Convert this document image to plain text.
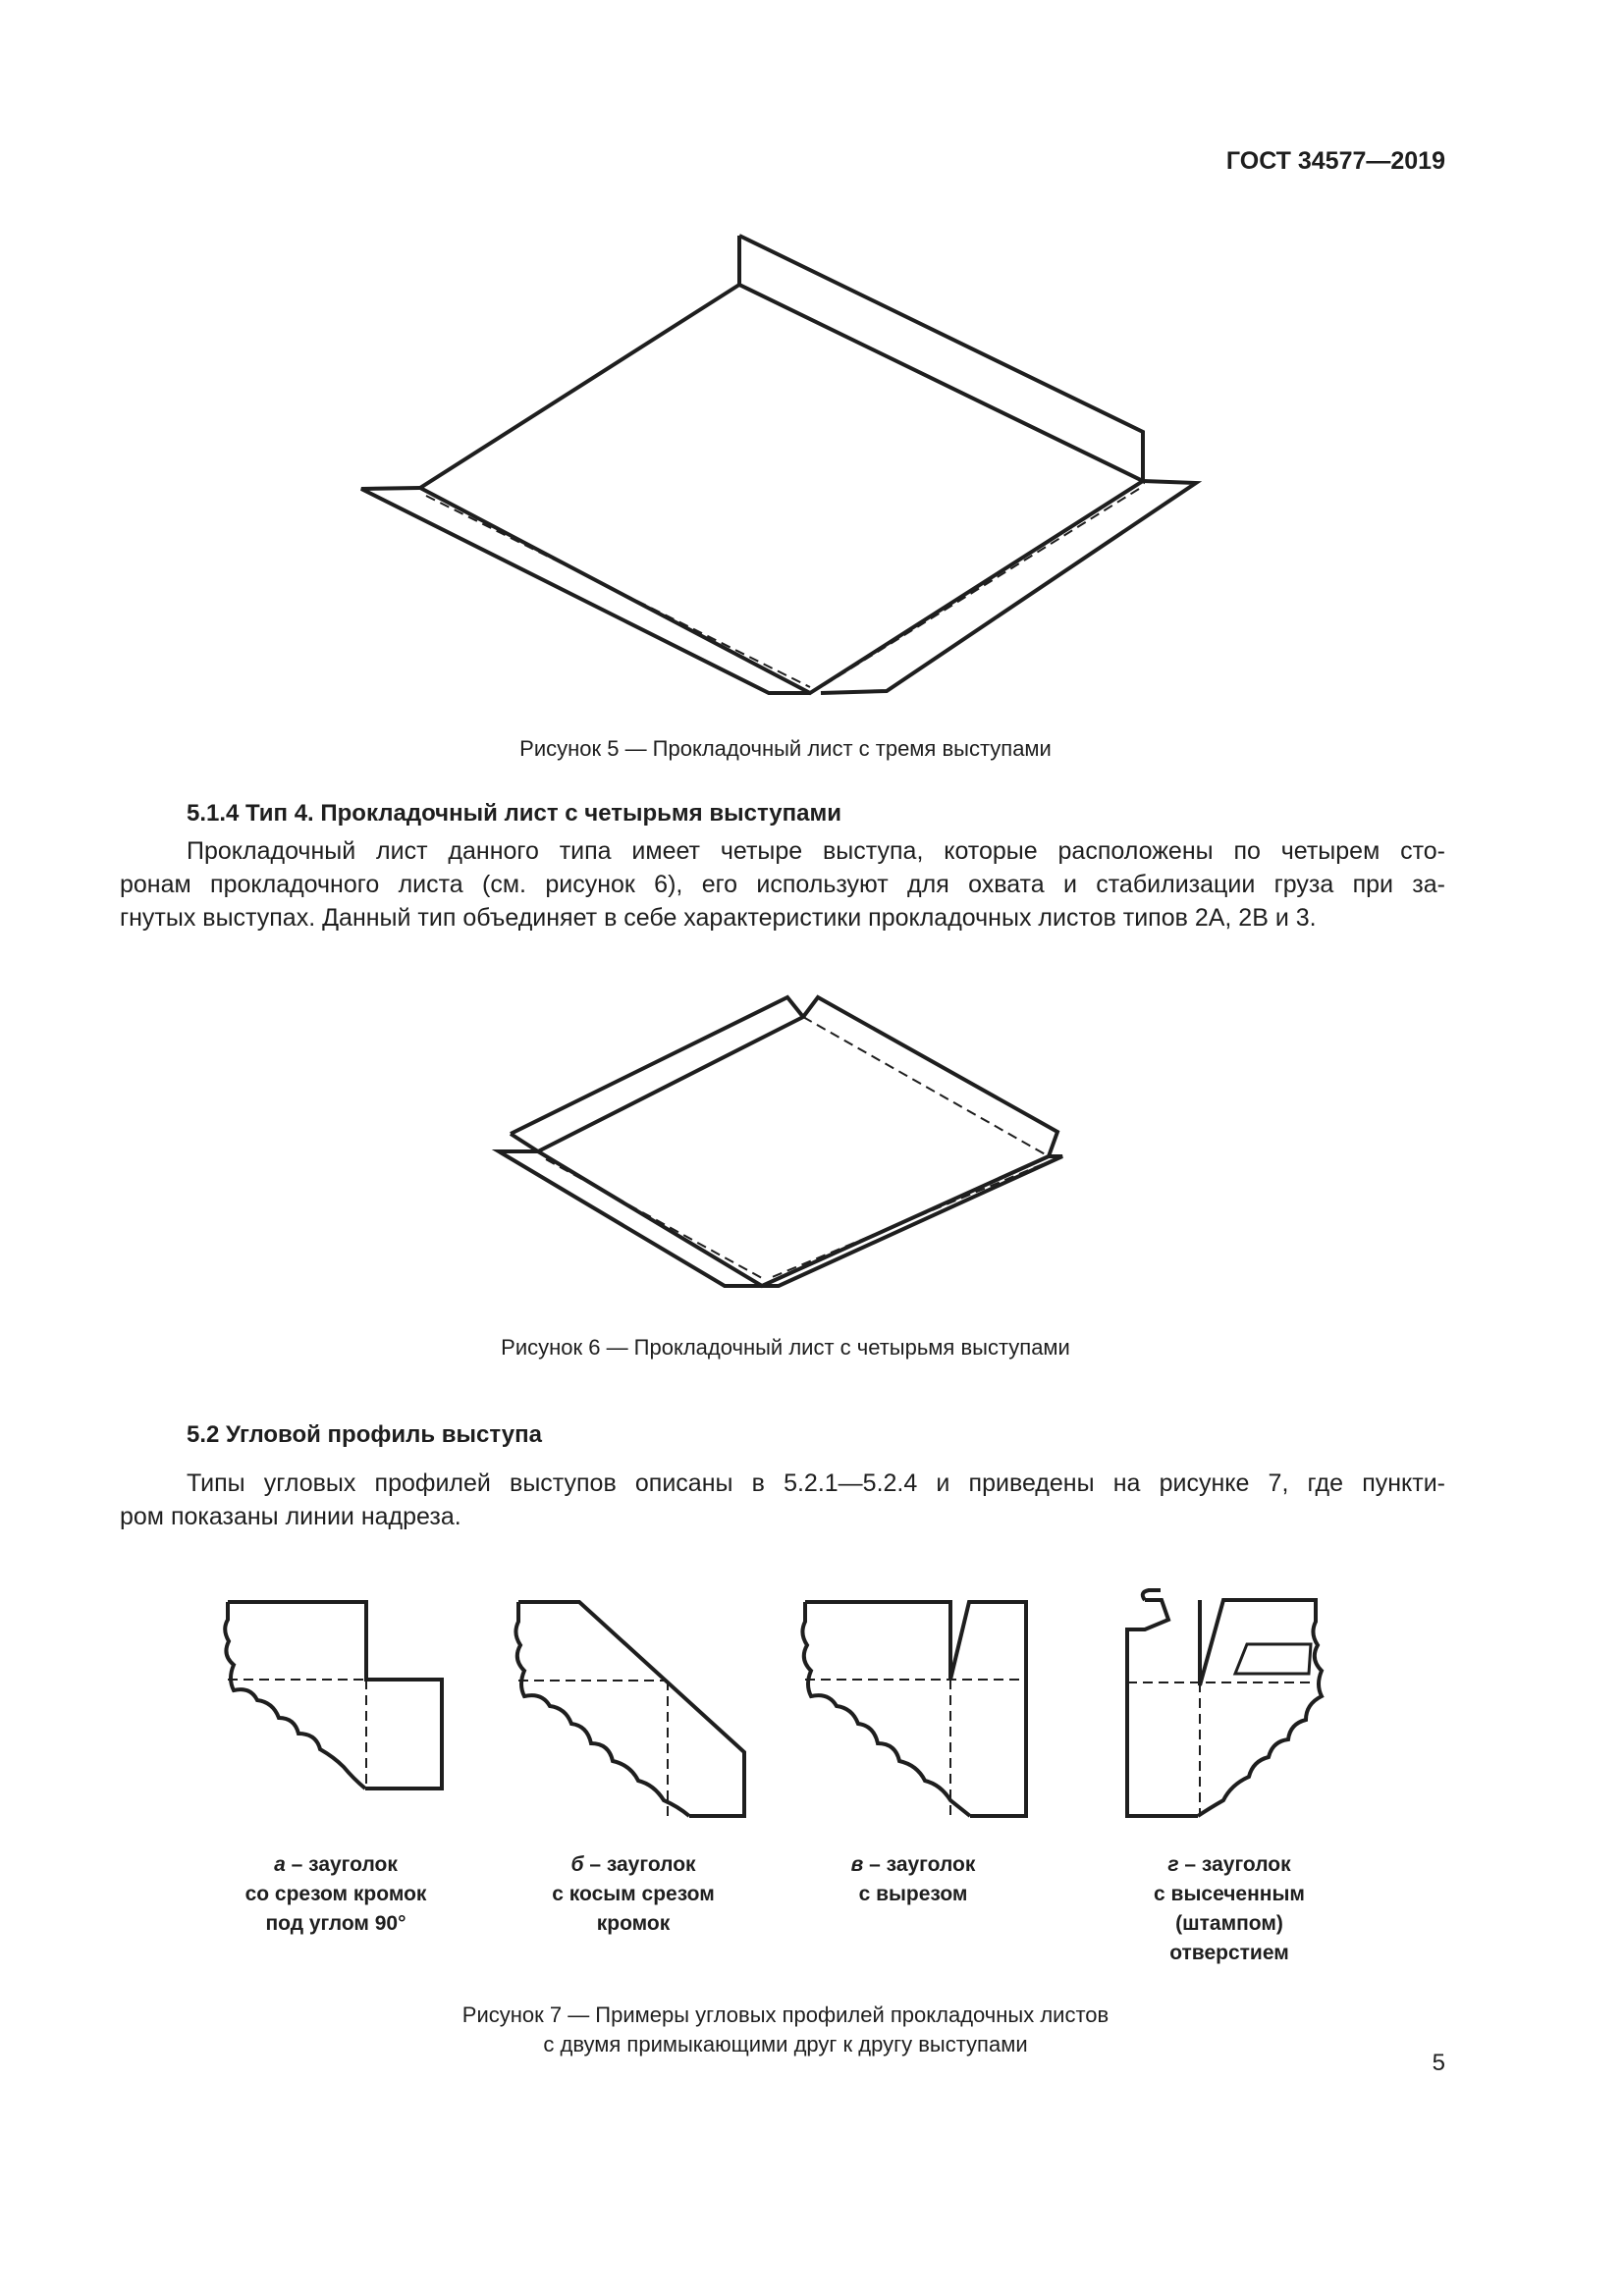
ГОСТ 34577—2019
Рисунок 5 — Прокладочный лист с тремя выступами
5.1.4 Тип 4. Прокладочный лист с четырьмя выступами
Прокладочный лист данного типа имеет четыре выступа, которые расположены по четырем сто-
ронам прокладочного листа (см. рисунок 6), его используют для охвата и стабилизации груза при за-
гнутых выступах. Данный тип объединяет в себе характеристики прокладочных листов типов 2А, 2В и 3.
Рисунок 6 — Прокладочный лист с четырьмя выступами
5.2 Угловой профиль выступа
Типы угловых профилей выступов описаны в 5.2.1—5.2.4 и приведены на рисунке 7, где пункти-
ром показаны линии надреза.
а – зауголок
со срезом кромок
под углом 90°
б – зауголок
с косым срезом
кромок
в – зауголок
с вырезом
г – зауголок
с высеченным
(штампом)
отверстием
Рисунок 7 — Примеры угловых профилей прокладочных листов
с двумя примыкающими друг к другу выступами
5
